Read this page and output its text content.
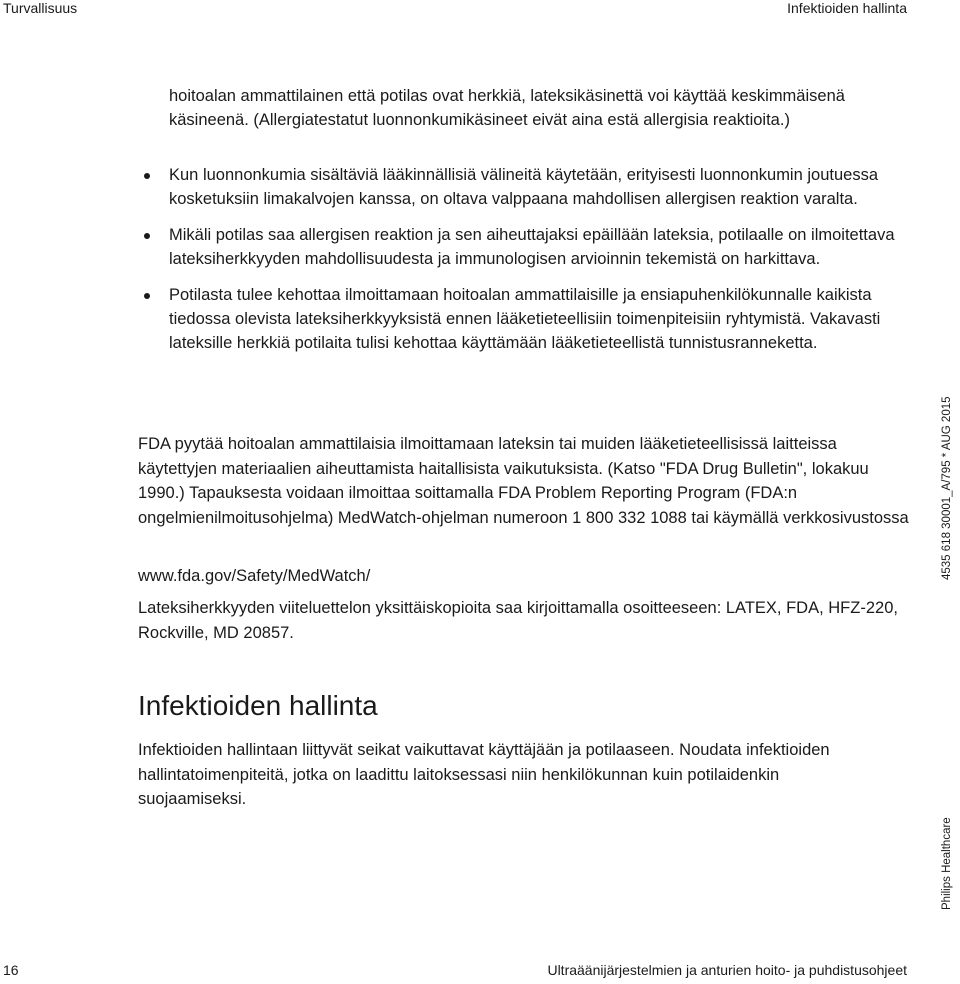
Turvallisuus	Infektioiden hallinta

hoitoalan ammattilainen että potilas ovat herkkiä, lateksikäsinettä voi käyttää keskimmäisenä käsineenä. (Allergiatestatut luonnonkumikäsineet eivät aina estä allergisia reaktioita.)

Kun luonnonkumia sisältäviä lääkinnällisiä välineitä käytetään, erityisesti luonnonkumin joutuessa kosketuksiin limakalvojen kanssa, on oltava valppaana mahdollisen allergisen reaktion varalta.
Mikäli potilas saa allergisen reaktion ja sen aiheuttajaksi epäillään lateksia, potilaalle on ilmoitettava lateksiherkkyyden mahdollisuudesta ja immunologisen arvioinnin tekemistä on harkittava.
Potilasta tulee kehottaa ilmoittamaan hoitoalan ammattilaisille ja ensiapuhenkilökunnalle kaikista tiedossa olevista lateksiherkkyyksistä ennen lääketieteellisiin toimenpiteisiin ryhtymistä. Vakavasti lateksille herkkiä potilaita tulisi kehottaa käyttämään lääketieteellistä tunnistusranneketta.

FDA pyytää hoitoalan ammattilaisia ilmoittamaan lateksin tai muiden lääketieteellisissä laitteissa käytettyjen materiaalien aiheuttamista haitallisista vaikutuksista. (Katso "FDA Drug Bulletin", lokakuu 1990.) Tapauksesta voidaan ilmoittaa soittamalla FDA Problem Reporting Program (FDA:n ongelmienilmoitusohjelma) MedWatch-ohjelman numeroon 1 800 332 1088 tai käymällä verkkosivustossa

www.fda.gov/Safety/MedWatch/

Lateksiherkkyyden viiteluettelon yksittäiskopioita saa kirjoittamalla osoitteeseen: LATEX, FDA, HFZ-220, Rockville, MD 20857.

Infektioiden hallinta

Infektioiden hallintaan liittyvät seikat vaikuttavat käyttäjään ja potilaaseen. Noudata infektioiden hallintatoimenpiteitä, jotka on laadittu laitoksessasi niin henkilökunnan kuin potilaidenkin suojaamiseksi.

4535 618 30001_A/795 * AUG 2015
Philips Healthcare
16	Ultraäänijärjestelmien ja anturien hoito- ja puhdistusohjeet
